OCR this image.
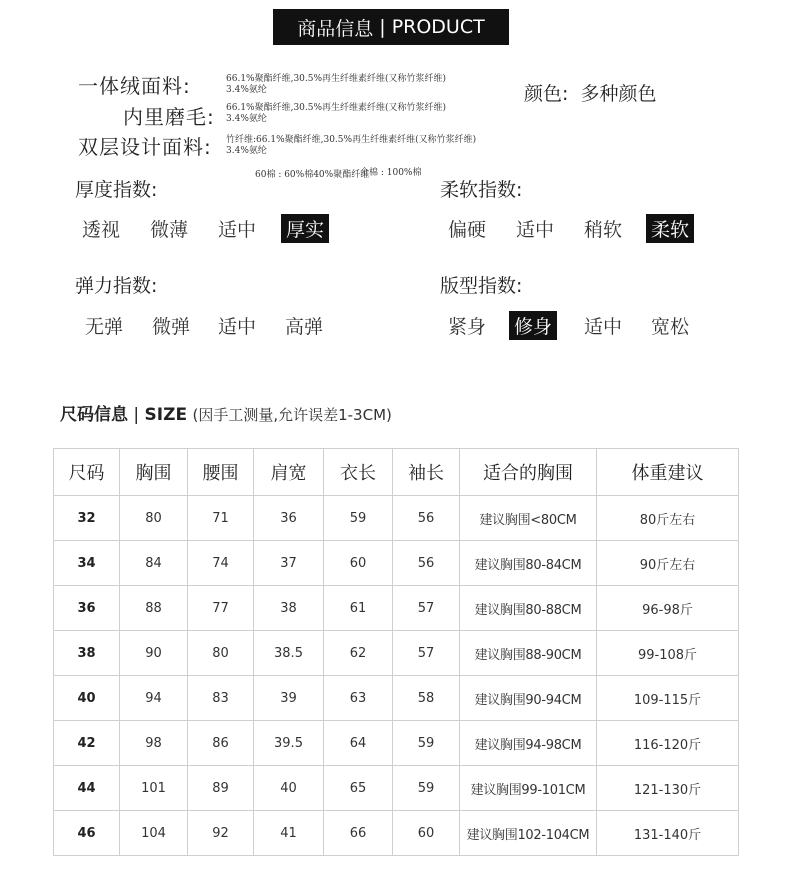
商品信息 | PRODUCT
一体绒面料:	66.1%聚酯纤维,30.5%再生纤维素纤维(又称竹浆纤维)
3.4%氨纶
内里磨毛: 66.1%聚酯纤维,30.5%再生纤维素纤维(又称竹浆纤维)
3.4%氨纶
双层设计面料: 竹纤维:66.1%聚酯纤维,30.5%再生纤维素纤维(又称竹浆纤维)
3.4%氨纶
60棉 : 60%棉40%聚酯纤维
全棉 : 100%棉
颜色: 多种颜色
厚度指数:
透视 微薄 适中 厚实
柔软指数:
偏硬 适中 稍软 柔软
弹力指数:
无弹 微弹 适中 高弹
版型指数:
紧身 修身 适中 宽松
尺码信息 | SIZE (因手工测量,允许误差1-3CM)
尺码	胸围	腰围	肩宽	衣长	袖长	适合的胸围	体重建议
32	80	71	36	59	56	建议胸围<80CM	80斤左右
34	84	74	37	60	56	建议胸围80-84CM	90斤左右
36	88	77	38	61	57	建议胸围80-88CM	96-98斤
38	90	80	38.5	62	57	建议胸围88-90CM	99-108斤
40	94	83	39	63	58	建议胸围90-94CM	109-115斤
42	98	86	39.5	64	59	建议胸围94-98CM	116-120斤
44	101	89	40	65	59	建议胸围99-101CM	121-130斤
46	104	92	41	66	60	建议胸围102-104CM	131-140斤
